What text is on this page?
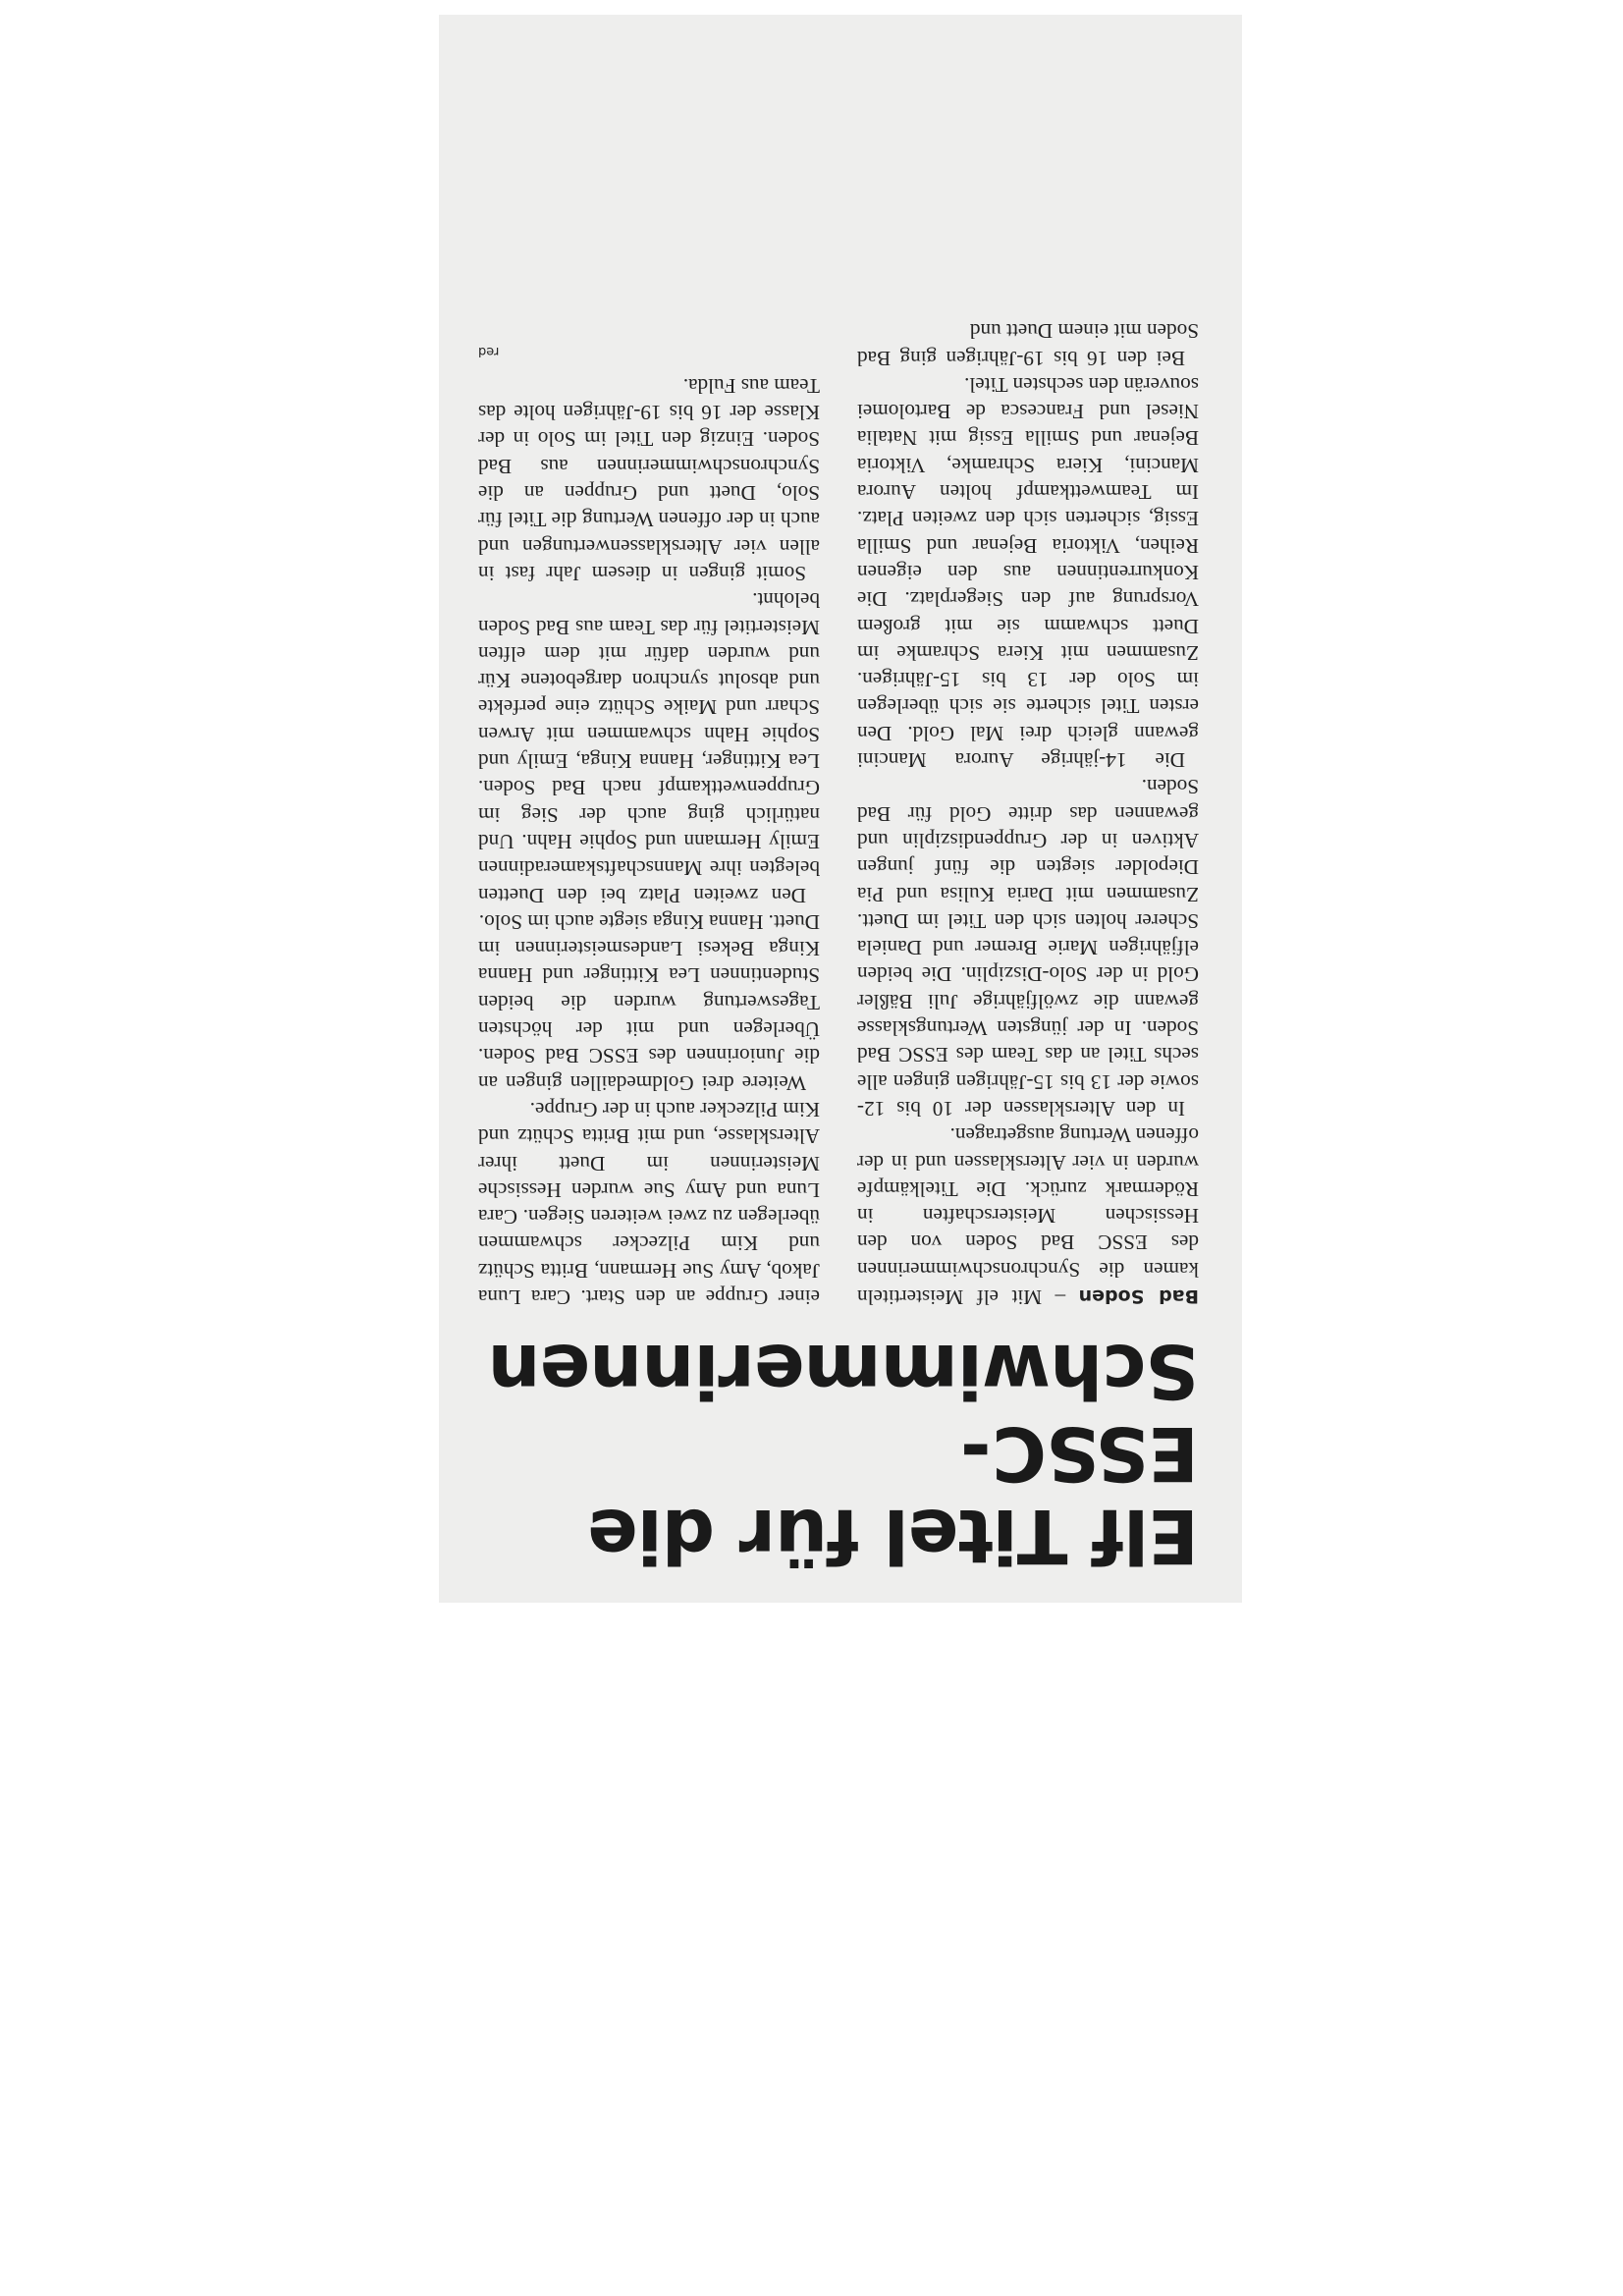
Elf Titel für die
ESSC-Schwimmerinnen

Bad Soden – Mit elf Meistertiteln kamen die Synchronschwimmerinnen des ESSC Bad Soden von den Hessischen Meisterschaften in Rödermark zurück. Die Titelkämpfe wurden in vier Altersklassen und in der offenen Wertung ausgetragen.

In den Altersklassen der 10 bis 12- sowie der 13 bis 15-Jährigen gingen alle sechs Titel an das Team des ESSC Bad Soden. In der jüngsten Wertungsklasse gewann die zwölfjährige Juli Bäßler Gold in der Solo-Disziplin. Die beiden elfjährigen Marie Bremer und Daniela Scherer holten sich den Titel im Duett. Zusammen mit Daria Kulisa und Pia Diepolder siegten die fünf jungen Aktiven in der Gruppendisziplin und gewannen das dritte Gold für Bad Soden.

Die 14-jährige Aurora Mancini gewann gleich drei Mal Gold. Den ersten Titel sicherte sie sich überlegen im Solo der 13 bis 15-Jährigen. Zusammen mit Kiera Schramke im Duett schwamm sie mit großem Vorsprung auf den Siegerplatz. Die Konkurrentinnen aus den eigenen Reihen, Viktoria Bejenar und Smilla Essig, sicherten sich den zweiten Platz. Im Teamwettkampf holten Aurora Mancini, Kiera Schramke, Viktoria Bejenar und Smilla Essig mit Natalia Niesel und Francesca de Bartolomei souverän den sechsten Titel.

Bei den 16 bis 19-Jährigen ging Bad Soden mit einem Duett und

einer Gruppe an den Start. Cara Luna Jakob, Amy Sue Hermann, Britta Schütz und Kim Pilzecker schwammen überlegen zu zwei weiteren Siegen. Cara Luna und Amy Sue wurden Hessische Meisterinnen im Duett ihrer Altersklasse, und mit Britta Schütz und Kim Pilzecker auch in der Gruppe.

Weitere drei Goldmedaillen gingen an die Juniorinnen des ESSC Bad Soden. Überlegen und mit der höchsten Tageswertung wurden die beiden Studentinnen Lea Kittinger und Hanna Kinga Bekesi Landesmeisterinnen im Duett. Hanna Kinga siegte auch im Solo.

Den zweiten Platz bei den Duetten belegten ihre Mannschaftskameradinnen Emily Hermann und Sophie Hahn. Und natürlich ging auch der Sieg im Gruppenwettkampf nach Bad Soden. Lea Kittinger, Hanna Kinga, Emily und Sophie Hahn schwammen mit Arwen Scharr und Maike Schütz eine perfekte und absolut synchron dargebotene Kür und wurden dafür mit dem elften Meistertitel für das Team aus Bad Soden belohnt.

Somit gingen in diesem Jahr fast in allen vier Altersklassenwertungen und auch in der offenen Wertung die Titel für Solo, Duett und Gruppen an die Synchronschwimmerinnen aus Bad Soden. Einzig den Titel im Solo in der Klasse der 16 bis 19-Jährigen holte das Team aus Fulda.

red
